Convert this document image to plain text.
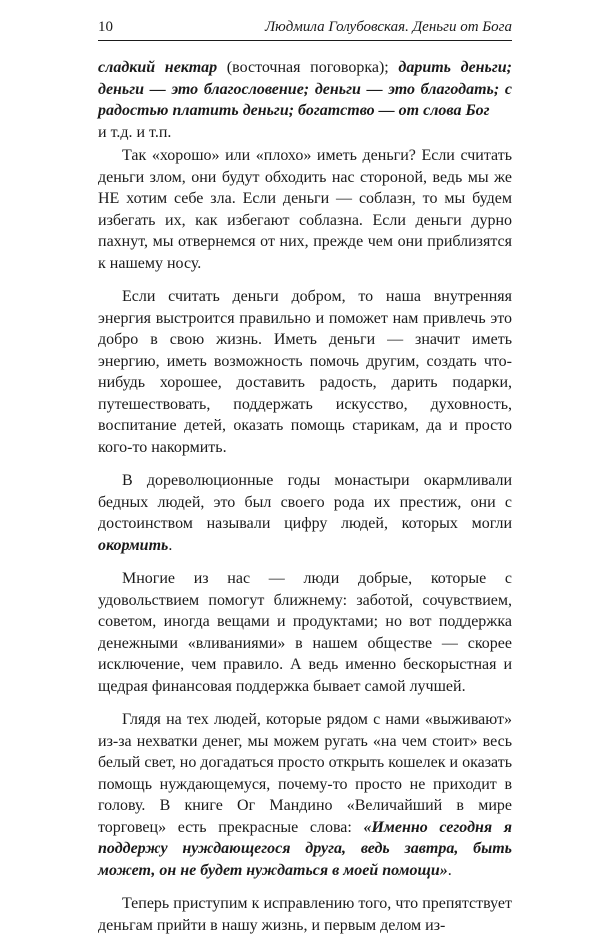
10	Людмила Голубовская. Деньги от Бога

сладкий нектар (восточная поговорка); дарить деньги; деньги — это благословение; деньги — это благодать; с радостью платить деньги; богатство — от слова Бог

и т.д. и т.п.

Так «хорошо» или «плохо» иметь деньги? Если считать деньги злом, они будут обходить нас стороной, ведь мы же НЕ хотим себе зла. Если деньги — соблазн, то мы будем избегать их, как избегают соблазна. Если деньги дурно пахнут, мы отвернемся от них, прежде чем они приблизятся к нашему носу.

Если считать деньги добром, то наша внутренняя энергия выстроится правильно и поможет нам привлечь это добро в свою жизнь. Иметь деньги — значит иметь энергию, иметь возможность помочь другим, создать что-нибудь хорошее, доставить радость, дарить подарки, путешествовать, поддержать искусство, духовность, воспитание детей, оказать помощь старикам, да и просто кого-то накормить.

В дореволюционные годы монастыри окармливали бедных людей, это был своего рода их престиж, они с достоинством называли цифру людей, которых могли окормить.

Многие из нас — люди добрые, которые с удовольствием помогут ближнему: заботой, сочувствием, советом, иногда вещами и продуктами; но вот поддержка денежными «вливаниями» в нашем обществе — скорее исключение, чем правило. А ведь именно бескорыстная и щедрая финансовая поддержка бывает самой лучшей.

Глядя на тех людей, которые рядом с нами «выживают» из-за нехватки денег, мы можем ругать «на чем стоит» весь белый свет, но догадаться просто открыть кошелек и оказать помощь нуждающемуся, почему-то просто не приходит в голову. В книге Ог Мандино «Величайший в мире торговец» есть прекрасные слова: «Именно сегодня я поддержу нуждающегося друга, ведь завтра, быть может, он не будет нуждаться в моей помощи».

Теперь приступим к исправлению того, что препятствует деньгам прийти в нашу жизнь, и первым делом из-
